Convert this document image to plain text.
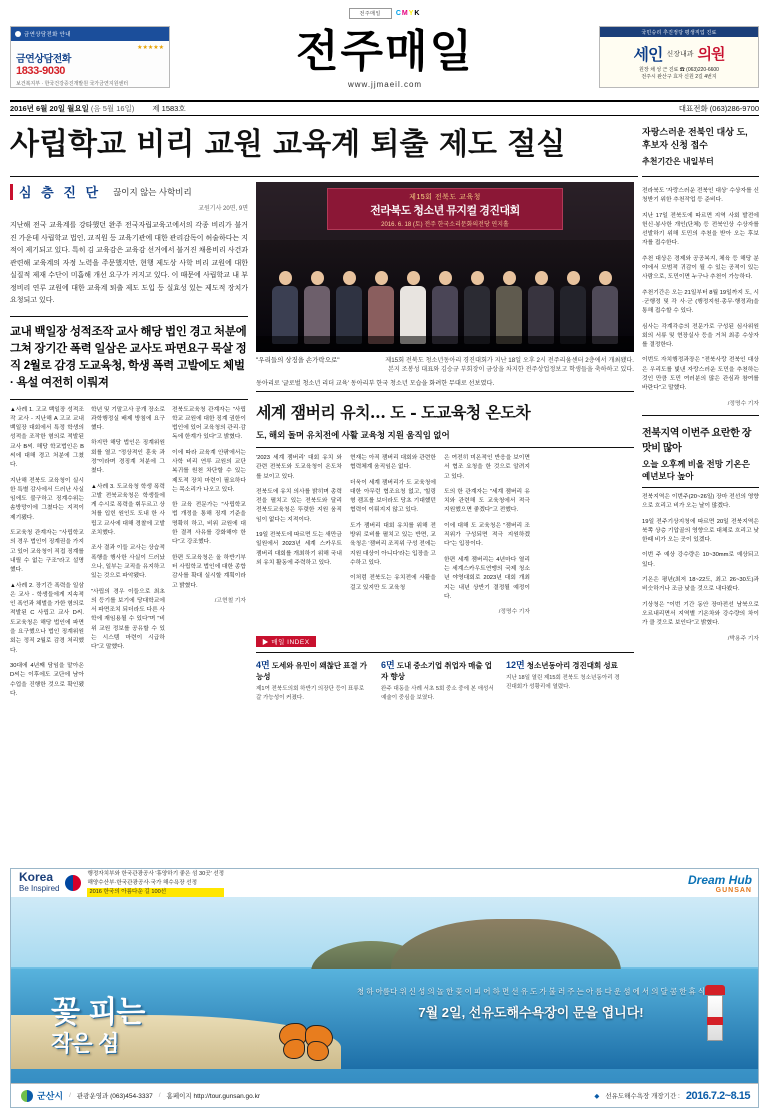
전주매일	CMYK
금연상담전화 안내
★★★★★
금연상담전화
1833-9030
보건복지부 · 한국건강증진개발원 국가금연지원센터
전주매일
www.jjmaeil.com
국민승리 추진정당 평생직업 진료
세인 신장내과 의원
원장 채 성 근 진료 ☎ (063)220-6600
전주시 완산구 효자 신원 2길 4번지
2016년 6월 20일 월요일 (음 5월 16일) 제 1583호	대표전화 (063)286-9700
사립학교 비리 교원 교육계 퇴출 제도 절실	자랑스러운 전북인 대상 도, 후보자 신청 접수
추천기간은 내일부터
심 층 진 단 끊이지 않는 사학비리
교원기사 20면, 9면
지난해 전국 교육계를 강타했던 완주 전국자립교육고에서의 각종 비리가 불거진 가운데 사립학교 법인, 교직원 등 교육기관에 대한 관리감독이 허술하다는 지적이 제기되고 있다. 특히 김 교육감은 교육감 선거에서 불거진 채용비리 사건과 관련해 교육계의 자정 노력을 주문했지만, 현행 제도상 사학 비리 교원에 대한 실질적 제재 수단이 미흡해 개선 요구가 커지고 있다. 이 때문에 사립학교 내 부정비리 연루 교원에 대한 교육계 퇴출 제도 도입 등 실효성 있는 제도적 장치가 요청되고 있다.
교내 백일장 성적조작 교사 해당 법인 경고 처분에 그쳐 장기간 폭력 일삼은 교사도 파면요구 묵살 정직 2월로 감경 도교육청, 학생 폭력 고발에도 체벌 · 욕설 여전히 이뤄져

▲사례 1. 고교 백일장 성적조작 교사 - 지난해 A 고교 교내 백일장 대회에서 특정 학생의 성적을 조작한 혐의로 적발된 교사 B씨. 해당 학교법인은 B씨에 대해 경고 처분에 그쳤다.

지난해 전북도 교육청이 실시한 특별 감사에서 드러난 사실임에도 불구하고 징계수위는 솜방망이에 그쳤다는 지적이 제기됐다.

도교육청 관계자는 "사립학교의 경우 법인이 징계권을 가지고 있어 교육청이 직접 징계를 내릴 수 없는 구조"라고 설명했다.

▲사례 2. 장기간 폭력을 일삼은 교사 - 학생들에게 지속적인 폭언과 체벌을 가한 혐의로 적발된 C 사립고 교사 D씨. 도교육청은 해당 법인에 파면을 요구했으나 법인 징계위원회는 정직 2월로 감경 처리했다.

30대에 4년째 담임을 맡아온 D씨는 이후에도 교단에 남아 수업을 진행한 것으로 확인됐다.

학년 및 기말고사 공개 장소로 과학행정실 배제 방침에 요구했다.

하지만 해당 법인은 징계위원회를 열고 "정상적인 훈육 과정"이라며 경징계 처분에 그쳤다.

▲사례 3. 도교육청 학생 폭력 고발 전북교육청은 학생들에게 수시로 폭력을 휘두르고 상처를 입힌 원인도 도내 한 사립고 교사에 대해 경찰에 고발 조치했다.

조사 결과 이들 교사는 상습적 폭행을 행사한 사실이 드러났으나, 일부는 교직을 유지하고 있는 것으로 파악됐다.

"사립의 경우 이들으로 최초의 등기를 보기에 당대학교에서 파면조치 되더라도 다른 사학에 재임용될 수 있다"며 "비위 교원 정보를 공유할 수 있는 시스템 마련이 시급하다"고 말했다.

전북도교육청 관계자는 "사립학교 교원에 대한 징계 권한이 법인에 있어 교육청의 관리·감독에 한계가 있다"고 밝혔다.

이에 따라 교육계 안팎에서는 사학 비리 연루 교원의 교단 복귀를 원천 차단할 수 있는 제도적 장치 마련이 필요하다는 목소리가 나오고 있다.

한 교육 전문가는 "사립학교법 개정을 통해 징계 기준을 명확히 하고, 비위 교원에 대한 결격 사유를 강화해야 한다"고 강조했다.

한편 도교육청은 올 하반기부터 사립학교 법인에 대한 종합감사를 확대 실시할 계획이라고 밝혔다.

/고현철 기자

제15회 전북도 교육청
전라북도 청소년 뮤지컬 경진대회
2016. 6. 18 (토) 전주 한국소리문화의전당 연지홀
"우리들의 상징을 손가락으로"	제15회 전북도 청소년동아리 경진대회가 지난 18일 오후 2시 전주리움센터 2층에서 개최됐다. 본지 조봉성 대표와 김승규 부회장이 금상을 차지한 전주상업정보고 학생들을 축하하고 있다.
동아리로 '글로벌 청소년 리더 교육' 동아리부 한국 청소년 모습을 화려한 무대로 선보였다.
세계 잼버리 유치… 도 - 도교육청 온도차
도, 해외 돌며 유치전에 사활 교육청 지원 움직임 없어

'2023 세계 잼버리' 대회 유치 와 관련 전북도와 도교육청이 온도차를 보이고 있다.

전북도에 유치 의사를 밝히며 총력전을 펼치고 있는 전북도와 달리 전북도교육청은 뚜렷한 지원 움직임이 없다는 지적이다.

19일 전북도에 따르면 도는 새만금 일원에서 2023년 세계 스카우트 잼버리 대회를 개최하기 위해 국내외 유치 활동에 주력하고 있다.

현재는 아직 잼버리 대회와 관련한 협력체계 움직임은 없다.

더욱이 세계 잼버리가 도 교육청에 대한 아무런 협조요청 없고, '힐링형 캠프를 보더라도 당초 기대했던 협력이 이뤄지지 않고 있다.

도가 잼버리 대회 유치를 위해 전 방위 로비를 펼치고 있는 반면, 교육청은 '잼버리 조직위 구성 전에는 지원 대상이 아니다'라는 입장을 고수하고 있다.

이처럼 전북도는 유치전에 사활을 걸고 있지만 도 교육청

은 여전히 미온적인 반응을 보이면서 협조 요청을 한 것으로 알려지고 있다.

도의 한 관계자는 "세계 잼버리 유치와 관련해 도 교육청에서 적극 지원했으면 좋겠다"고 전했다.

이에 대해 도 교육청은 "잼버리 조직위가 구성되면 적극 지원하겠다"는 입장이다.

한편 세계 잼버리는 4년마다 열리는 세계스카우트연맹의 국제 청소년 야영대회로 2023년 대회 개최지는 내년 상반기 결정될 예정이다.

/정명수 기자

▶ 매일 INDEX
4면 도세와 유민이 왜찮단 표결 가능성
제1여 전북도의회 하반기 의장단 등이 표류로 갈 가능성이 커졌다.
6면 도내 중소기업 취업자 매출 업자 향상
완주 대동을 사례 서초 5회 중소 중에 본 애성서 예술이 중심을 보였다.
12면 청소년동아리 경진대회 성료
지난 18일 열린 제15회 전북도 청소년동아리 경진대회가 성황리에 열렸다.

전라북도 '자랑스러운 전북인 대상' 수상자를 신청받기 위한 추천작업 등 준비다.

지난 17일 전북도에 따르면 지역 사회 발전에 헌신·봉사한 개인(단체) 등 전북인상 수상자를 선발하기 위해 도민의 추천을 받아 오는 후보 자를 접수한다.

추천 대상은 경제와 공공복지, 체육 등 해당 분야에서 모범적 귀감이 될 수 있는 공적이 있는 사람으로, 도민이면 누구나 추천이 가능하다.

추천기간은 오는 21일부터 8월 19일까지 도, 시·군행정 및 각 사·군 (행정지원·총무·행정과)을 통해 접수할 수 있다.

심사는 각계각층의 전문가로 구성된 심사위원회의 서류 및 현장실사 등을 거쳐 최종 수상자를 결정한다.

이번도 자치행정과장은 "전북사랑 전북인 대상은 우리도를 빛낸 자랑스러운 도민을 추천하는 것인 만큼 도민 여러분의 많은 관심과 참여를 바란다"고 말했다.

/정명수 기자

전북지역 이번주 요란한 장맛비 많아
오늘 오후께 비올 전망 기온은 예년보다 높아

전북지역은 이번주(20~26일) 장마 전선의 영향으로 흐리고 비가 오는 날이 많겠다.

19일 전주기상지청에 따르면 20일 전북지역은 북쪽 상층 기압골의 영향으로 대체로 흐리고 낮 한때 비가 오는 곳이 있겠다.

이번 주 예상 강수량은 10~30mm로 예상되고 있다.

기온은 평년(최저 18~22도, 최고 26~30도)과 비슷하거나 조금 낮을 것으로 내다봤다.

기상청은 "이번 기간 동안 장마전선 남북으로 오르내리면서 지역별 기온차와 강수량의 차이가 클 것으로 보인다"고 밝혔다.

/박용주 기자

Korea
Be Inspired
행정자치부와 한국관광공사 '휴양하기 좋은 섬 30곳' 선정
해양수산부·한국관광공사·국가 해수욕장 선정
2016 한국의 아름다운 길 100선
Dream Hub
GUNSAN
꽃 피는
작은 섬
청 하 아름다 위 신 성 의 놀 한 꽃 이 피 어 하 면 선 유 도 가 불 러 주 는 아 름 다 운 섬 에 서 의 달 콤 한 휴 식
7월 2일, 선유도해수욕장이 문을 엽니다!
군산시 / 관광운영과 (063)454-3337 / 홈페이지 http://tour.gunsan.go.kr	◆ 선유도해수욕장 개장기간 : 2016.7.2~8.15
